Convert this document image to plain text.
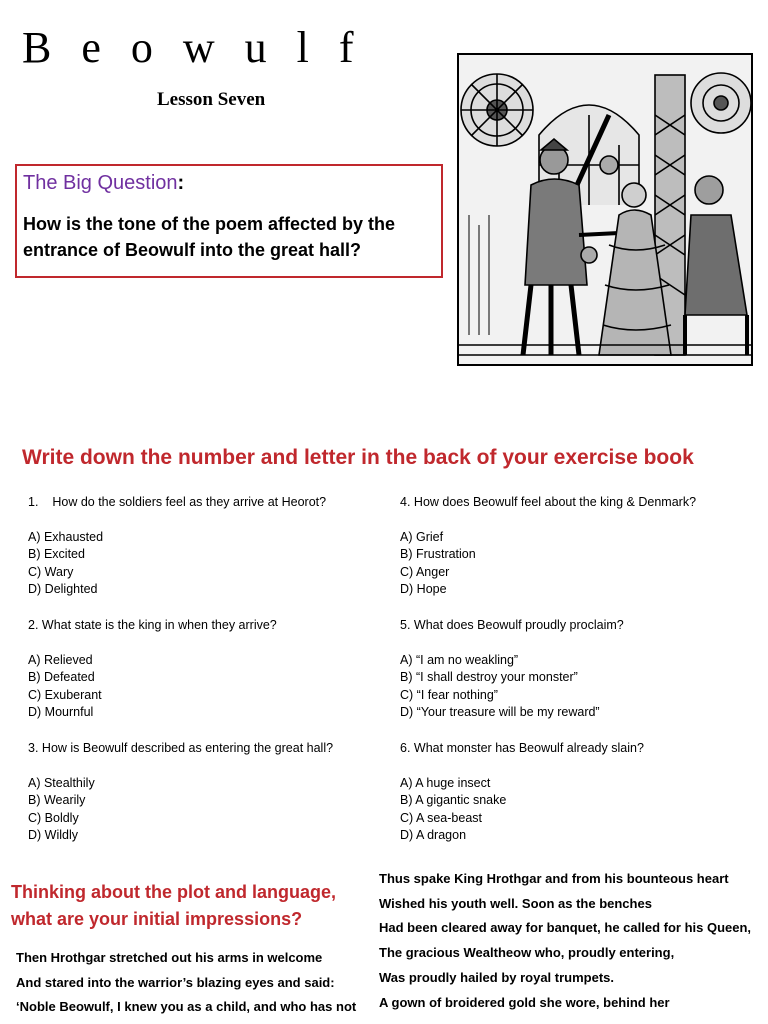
Beowulf
Lesson Seven
The Big Question:
How is the tone of the poem affected by the entrance of Beowulf into the great hall?
Write down the number and letter in the back of your exercise book
1. How do the soldiers feel as they arrive at Heorot?
A) Exhausted
B) Excited
C) Wary
D) Delighted
2. What state is the king in when they arrive?
A) Relieved
B) Defeated
C) Exuberant
D) Mournful
3. How is Beowulf described as entering the great hall?
A) Stealthily
B) Wearily
C) Boldly
D) Wildly
4. How does Beowulf feel about the king & Denmark?
A) Grief
B) Frustration
C) Anger
D) Hope
5. What does Beowulf proudly proclaim?
A) “I am no weakling”
B) “I shall destroy your monster”
C) “I fear nothing”
D) “Your treasure will be my reward”
6. What monster has Beowulf already slain?
A) A huge insect
B) A gigantic snake
C) A sea-beast
D) A dragon
Thinking about the plot and language,
what are your initial impressions?
Then Hrothgar stretched out his arms in welcome
And stared into the warrior’s blazing eyes and said:
‘Noble Beowulf, I knew you as a child, and who has not
Thus spake King Hrothgar and from his bounteous heart
Wished his youth well. Soon as the benches
Had been cleared away for banquet, he called for his Queen,
The gracious Wealtheow who, proudly entering,
Was proudly hailed by royal trumpets.
A gown of broidered gold she wore, behind her
